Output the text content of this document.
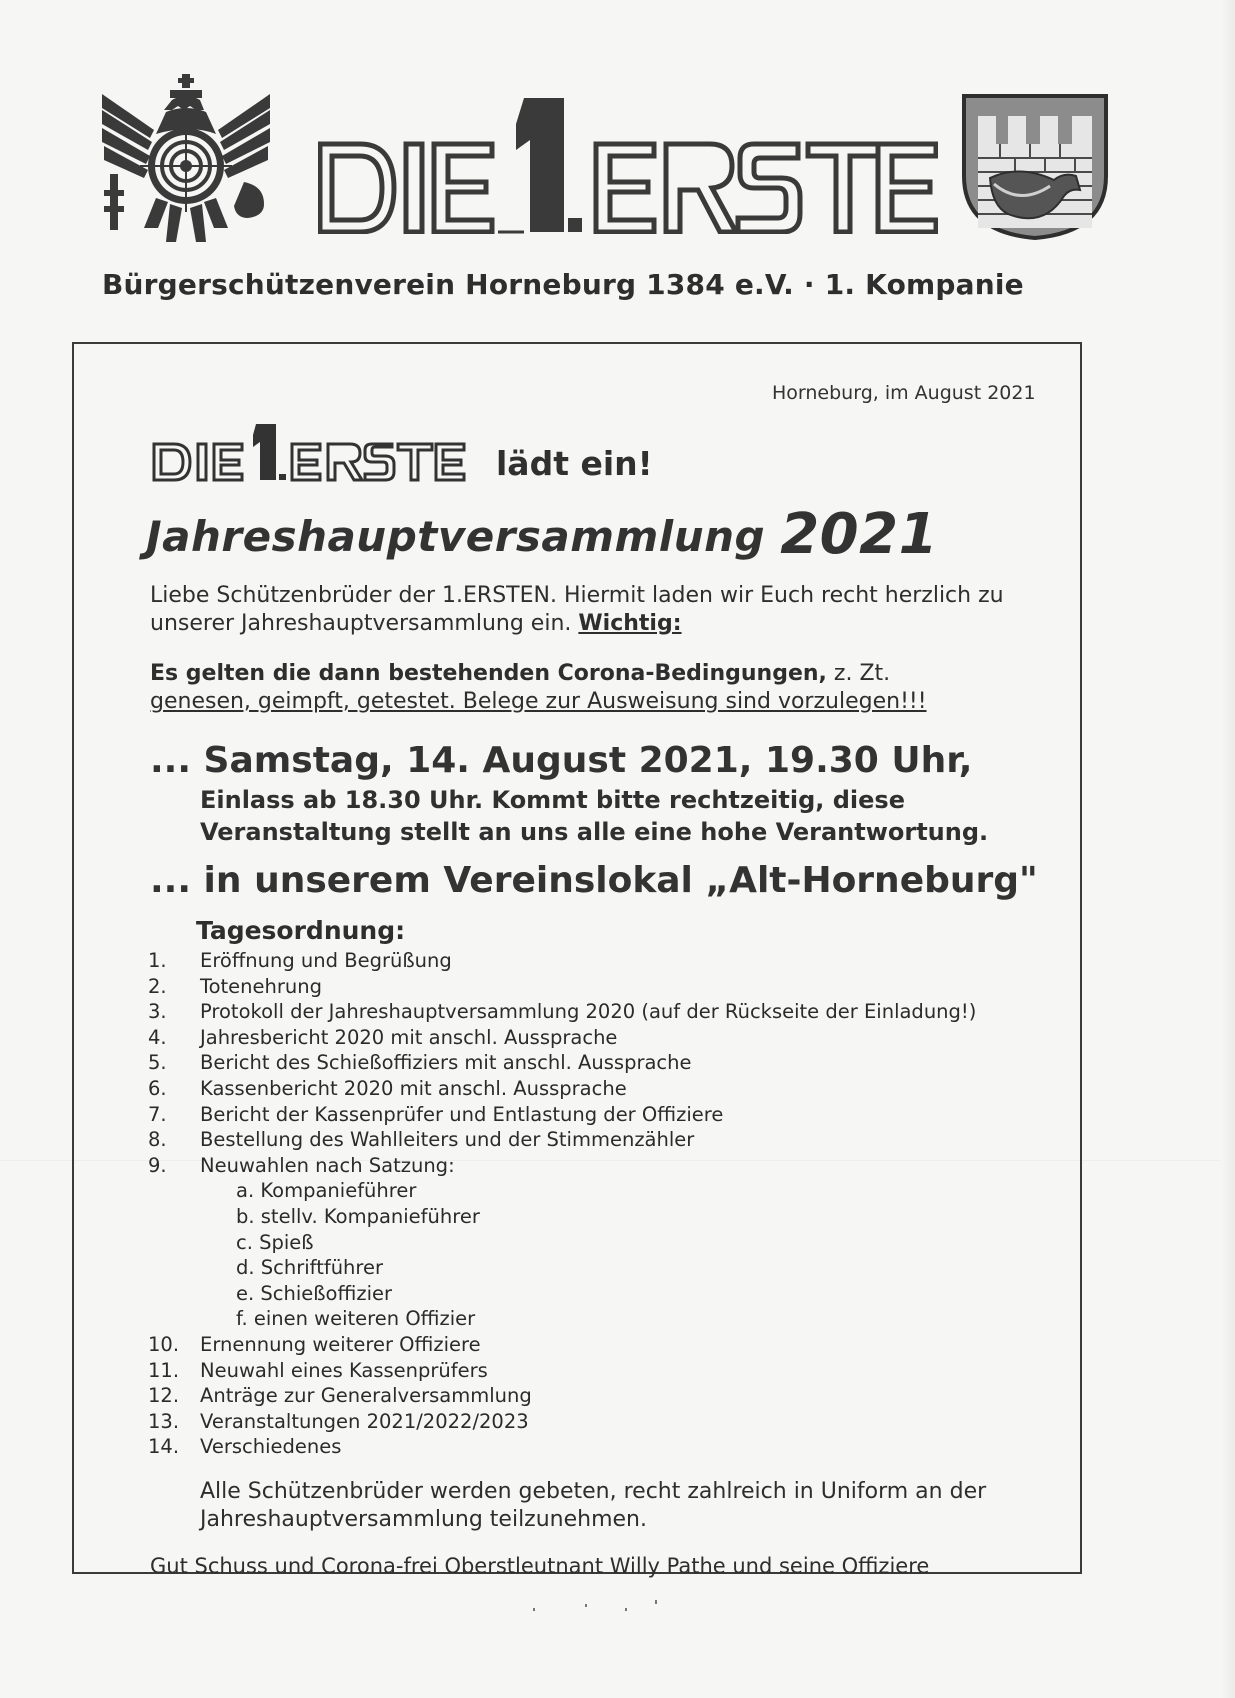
Bürgerschützenverein Horneburg 1384 e.V. · 1. Kompanie
Horneburg, im August 2021
lädt ein!
Jahreshauptversammlung 2021
Liebe Schützenbrüder der 1.ERSTEN. Hiermit laden wir Euch recht herzlich zu unserer Jahreshauptversammlung ein. Wichtig:
Es gelten die dann bestehenden Corona-Bedingungen, z. Zt.
genesen, geimpft, getestet. Belege zur Ausweisung sind vorzulegen!!!
... Samstag, 14. August 2021, 19.30 Uhr,
Einlass ab 18.30 Uhr. Kommt bitte rechtzeitig, diese Veranstaltung stellt an uns alle eine hohe Verantwortung.
... in unserem Vereinslokal „Alt-Horneburg"
Tagesordnung:
1.	Eröffnung und Begrüßung
2.	Totenehrung
3.	Protokoll der Jahreshauptversammlung 2020 (auf der Rückseite der Einladung!)
4.	Jahresbericht 2020 mit anschl. Aussprache
5.	Bericht des Schießoffiziers mit anschl. Aussprache
6.	Kassenbericht 2020 mit anschl. Aussprache
7.	Bericht der Kassenprüfer und Entlastung der Offiziere
8.	Bestellung des Wahlleiters und der Stimmenzähler
9.	Neuwahlen nach Satzung:
a. Kompanieführer
b. stellv. Kompanieführer
c. Spieß
d. Schriftführer
e. Schießoffizier
f. einen weiteren Offizier
10.	Ernennung weiterer Offiziere
11.	Neuwahl eines Kassenprüfers
12.	Anträge zur Generalversammlung
13.	Veranstaltungen 2021/2022/2023
14.	Verschiedenes
Alle Schützenbrüder werden gebeten, recht zahlreich in Uniform an der Jahreshauptversammlung teilzunehmen.
Gut Schuss und Corona-frei Oberstleutnant Willy Pathe und seine Offiziere
